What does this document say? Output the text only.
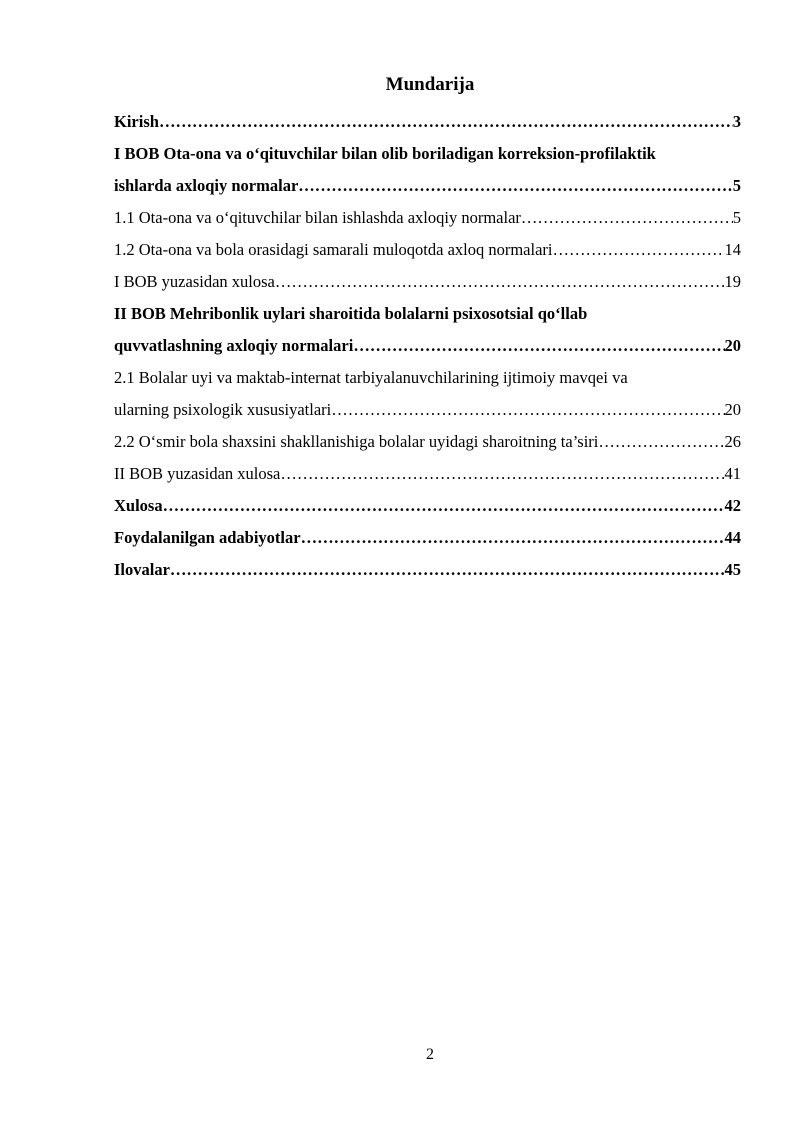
Mundarija
Kirish ………………………………………………………………………………………………………………………………………………………………………………………………………………	3
I BOB Ota-ona va o‘qituvchilar bilan olib boriladigan korreksion-profilaktik
ishlarda axloqiy normalar ………………………………………………………………………………………………………………………………………………………………………………………………………………	5
1.1 Ota-ona va o‘qituvchilar bilan ishlashda axloqiy normalar ………………………………………………………………………………………………………………………………………………………………………………………………………………	5
1.2 Ota-ona va bola orasidagi samarali muloqotda axloq normalari ………………………………………………………………………………………………………………………………………………………………………………………………………………	14
I BOB yuzasidan xulosa ………………………………………………………………………………………………………………………………………………………………………………………………………………	19
II BOB Mehribonlik uylari sharoitida bolalarni psixosotsial qo‘llab
quvvatlashning axloqiy normalari ………………………………………………………………………………………………………………………………………………………………………………………………………………	20
2.1 Bolalar uyi va maktab-internat tarbiyalanuvchilarining ijtimoiy mavqei va
ularning psixologik xususiyatlari ………………………………………………………………………………………………………………………………………………………………………………………………………………	20
2.2 O‘smir bola shaxsini shakllanishiga bolalar uyidagi sharoitning ta’siri ………………………………………………………………………………………………………………………………………………………………………………………………………………	26
II BOB yuzasidan xulosa ………………………………………………………………………………………………………………………………………………………………………………………………………………	41
Xulosa ………………………………………………………………………………………………………………………………………………………………………………………………………………	42
Foydalanilgan adabiyotlar ………………………………………………………………………………………………………………………………………………………………………………………………………………	44
Ilovalar ………………………………………………………………………………………………………………………………………………………………………………………………………………	45
2
